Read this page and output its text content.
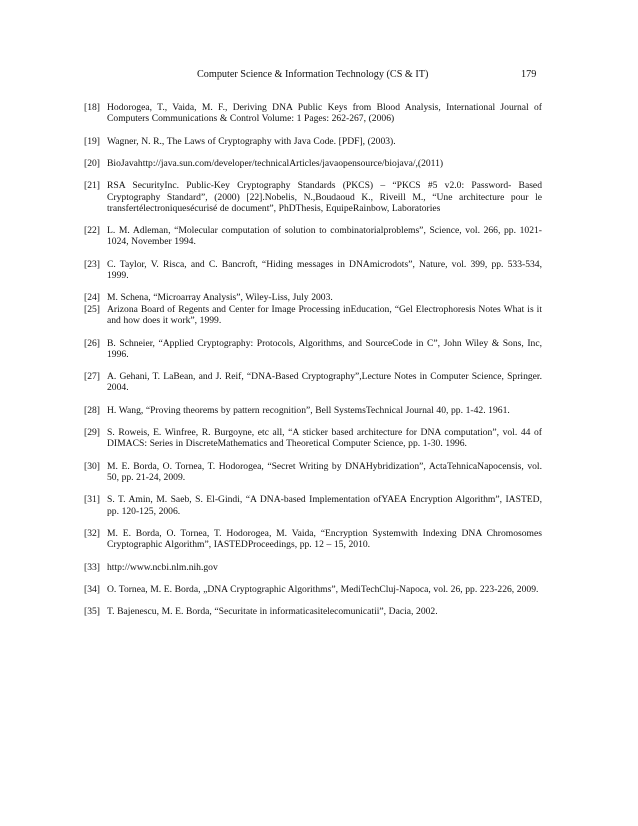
Computer Science & Information Technology (CS & IT)	179
[18] Hodorogea, T., Vaida, M. F., Deriving DNA Public Keys from Blood Analysis, International Journal of Computers Communications & Control Volume: 1 Pages: 262-267, (2006)
[19] Wagner, N. R., The Laws of Cryptography with Java Code. [PDF], (2003).
[20] BioJavahttp://java.sun.com/developer/technicalArticles/javaopensource/biojava/,(2011)
[21] RSA SecurityInc. Public-Key Cryptography Standards (PKCS) – “PKCS #5 v2.0: Password- Based Cryptography Standard”, (2000) [22].Nobelis, N.,Boudaoud K., Riveill M., “Une architecture pour le transfertélectroniquesécurisé de document”, PhDThesis, EquipeRainbow, Laboratories
[22] L. M. Adleman, “Molecular computation of solution to combinatorialproblems”, Science, vol. 266, pp. 1021-1024, November 1994.
[23] C. Taylor, V. Risca, and C. Bancroft, “Hiding messages in DNAmicrodots”, Nature, vol. 399, pp. 533-534, 1999.
[24] M. Schena, “Microarray Analysis”, Wiley-Liss, July 2003.
[25] Arizona Board of Regents and Center for Image Processing inEducation, “Gel Electrophoresis Notes What is it and how does it work”, 1999.
[26] B. Schneier, “Applied Cryptography: Protocols, Algorithms, and SourceCode in C”, John Wiley & Sons, Inc, 1996.
[27] A. Gehani, T. LaBean, and J. Reif, “DNA-Based Cryptography”,Lecture Notes in Computer Science, Springer. 2004.
[28] H. Wang, “Proving theorems by pattern recognition”, Bell SystemsTechnical Journal 40, pp. 1-42. 1961.
[29] S. Roweis, E. Winfree, R. Burgoyne, etc all, “A sticker based architecture for DNA computation”, vol. 44 of DIMACS: Series in DiscreteMathematics and Theoretical Computer Science, pp. 1-30. 1996.
[30] M. E. Borda, O. Tornea, T. Hodorogea, “Secret Writing by DNAHybridization”, ActaTehnicaNapocensis, vol. 50, pp. 21-24, 2009.
[31] S. T. Amin, M. Saeb, S. El-Gindi, “A DNA-based Implementation ofYAEA Encryption Algorithm”, IASTED, pp. 120-125, 2006.
[32] M. E. Borda, O. Tornea, T. Hodorogea, M. Vaida, “Encryption Systemwith Indexing DNA Chromosomes Cryptographic Algorithm”, IASTEDProceedings, pp. 12 – 15, 2010.
[33] http://www.ncbi.nlm.nih.gov
[34] O. Tornea, M. E. Borda, „DNA Cryptographic Algorithms”, MediTechCluj-Napoca, vol. 26, pp. 223-226, 2009.
[35] T. Bajenescu, M. E. Borda, “Securitate in informaticasitelecomunicatii”, Dacia, 2002.
